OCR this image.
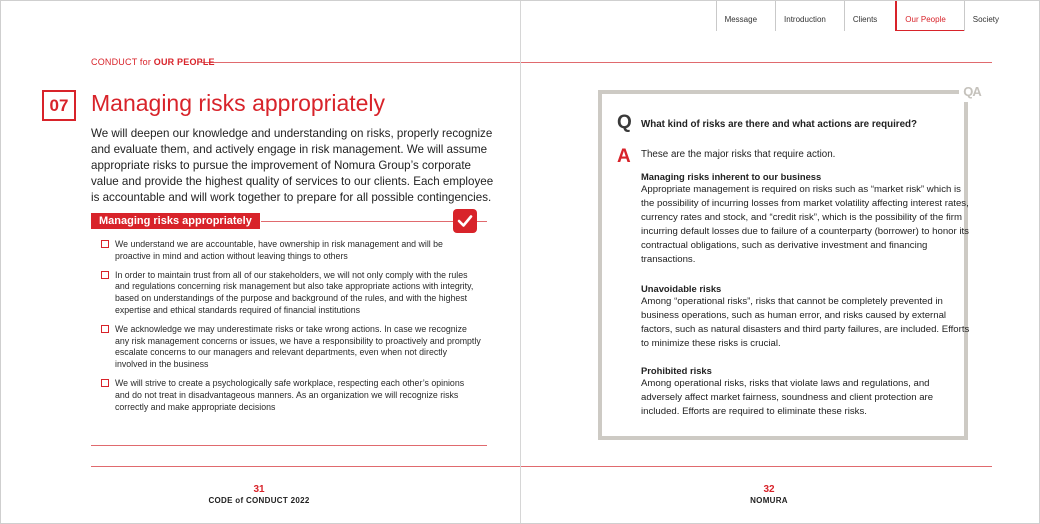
Message	Introduction	Clients	Our People	Society
CONDUCT for OUR PEOPLE
07 Managing risks appropriately

We will deepen our knowledge and understanding on risks, properly recognize and evaluate them, and actively engage in risk management. We will assume appropriate risks to pursue the improvement of Nomura Group’s corporate value and provide the highest quality of services to our clients. Each employee is accountable and will work together to prepare for all possible contingencies.

Managing risks appropriately
We understand we are accountable, have ownership in risk management and will be proactive in mind and action without leaving things to others
In order to maintain trust from all of our stakeholders, we will not only comply with the rules and regulations concerning risk management but also take appropriate actions with integrity, based on understandings of the purpose and background of the rules, and with the highest expertise and ethical standards required of financial institutions
We acknowledge we may underestimate risks or take wrong actions. In case we recognize any risk management concerns or issues, we have a responsibility to proactively and promptly escalate concerns to our managers and relevant departments, even when not directly involved in the business
We will strive to create a psychologically safe workplace, respecting each other’s opinions and do not treat in disadvantageous manners. As an organization we will recognize risks correctly and make appropriate decisions
31
CODE of CONDUCT 2022
QA
Q What kind of risks are there and what actions are required?

A These are the major risks that require action.

Managing risks inherent to our business

Appropriate management is required on risks such as “market risk” which is the possibility of incurring losses from market volatility affecting interest rates, currency rates and stock, and “credit risk”, which is the possibility of the firm incurring default losses due to failure of a counterparty (borrower) to honor its contractual obligations, such as derivative investment and financing transactions.

Unavoidable risks

Among “operational risks”, risks that cannot be completely prevented in business operations, such as human error, and risks caused by external factors, such as natural disasters and third party failures, are included. Efforts to minimize these risks is crucial.

Prohibited risks

Among operational risks, risks that violate laws and regulations, and adversely affect market fairness, soundness and client protection are included. Efforts are required to eliminate these risks.

32
NOMURA
